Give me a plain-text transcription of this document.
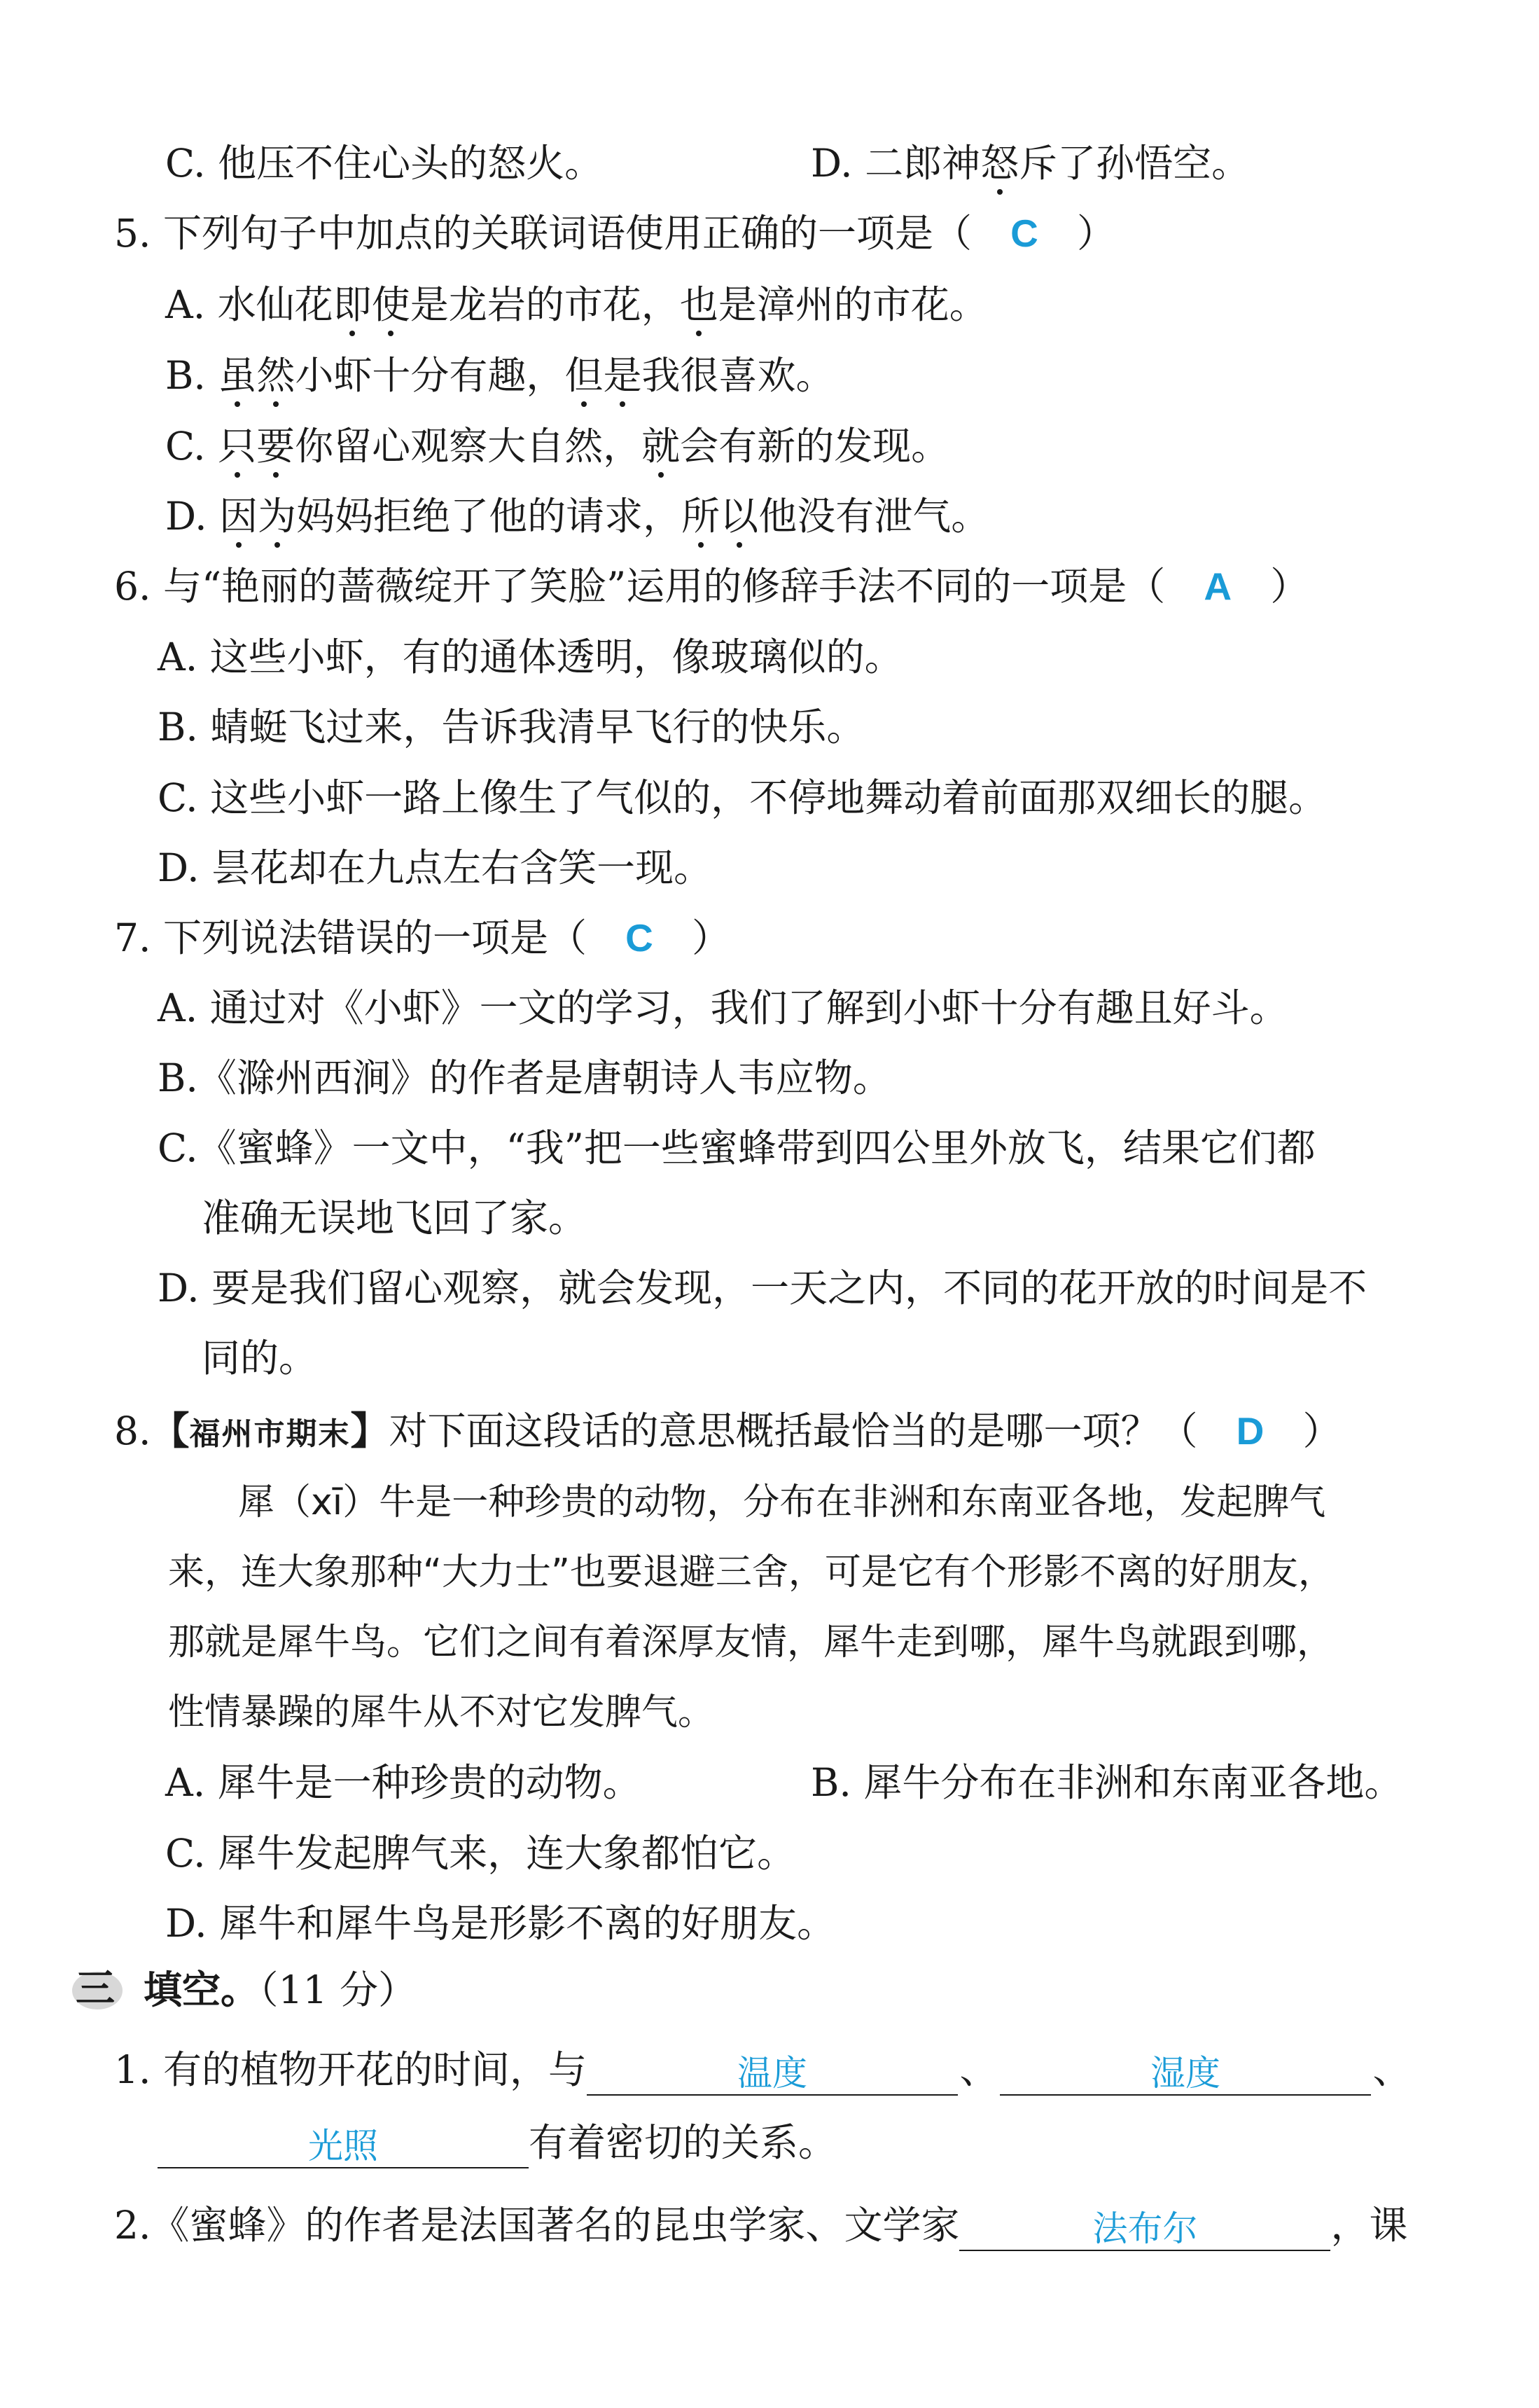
C. 他压不住心头的怒火。	D. 二郎神怒斥了孙悟空。
5. 下列句子中加点的关联词语使用正确的一项是（ C ）
A. 水仙花即使是龙岩的市花，也是漳州的市花。
B. 虽然小虾十分有趣，但是我很喜欢。
C. 只要你留心观察大自然，就会有新的发现。
D. 因为妈妈拒绝了他的请求，所以他没有泄气。
6. 与“艳丽的蔷薇绽开了笑脸”运用的修辞手法不同的一项是（ A ）
A. 这些小虾，有的通体透明，像玻璃似的。
B. 蜻蜓飞过来，告诉我清早飞行的快乐。
C. 这些小虾一路上像生了气似的，不停地舞动着前面那双细长的腿。
D. 昙花却在九点左右含笑一现。
7. 下列说法错误的一项是（ C ）
A. 通过对《小虾》一文的学习，我们了解到小虾十分有趣且好斗。
B.《滁州西涧》的作者是唐朝诗人韦应物。
C.《蜜蜂》一文中，“我”把一些蜜蜂带到四公里外放飞，结果它们都
准确无误地飞回了家。
D. 要是我们留心观察，就会发现，一天之内，不同的花开放的时间是不
同的。
8.【福州市期末】对下面这段话的意思概括最恰当的是哪一项？（ D ）
犀（xī）牛是一种珍贵的动物，分布在非洲和东南亚各地，发起脾气
来，连大象那种“大力士”也要退避三舍，可是它有个形影不离的好朋友，
那就是犀牛鸟。它们之间有着深厚友情，犀牛走到哪，犀牛鸟就跟到哪，
性情暴躁的犀牛从不对它发脾气。
A. 犀牛是一种珍贵的动物。	B. 犀牛分布在非洲和东南亚各地。
C. 犀牛发起脾气来，连大象都怕它。
D. 犀牛和犀牛鸟是形影不离的好朋友。
三 填空。（11 分）
1. 有的植物开花的时间，与	温度	、	湿度	、
光照	有着密切的关系。
2.《蜜蜂》的作者是法国著名的昆虫学家、文学家	法布尔	，课
